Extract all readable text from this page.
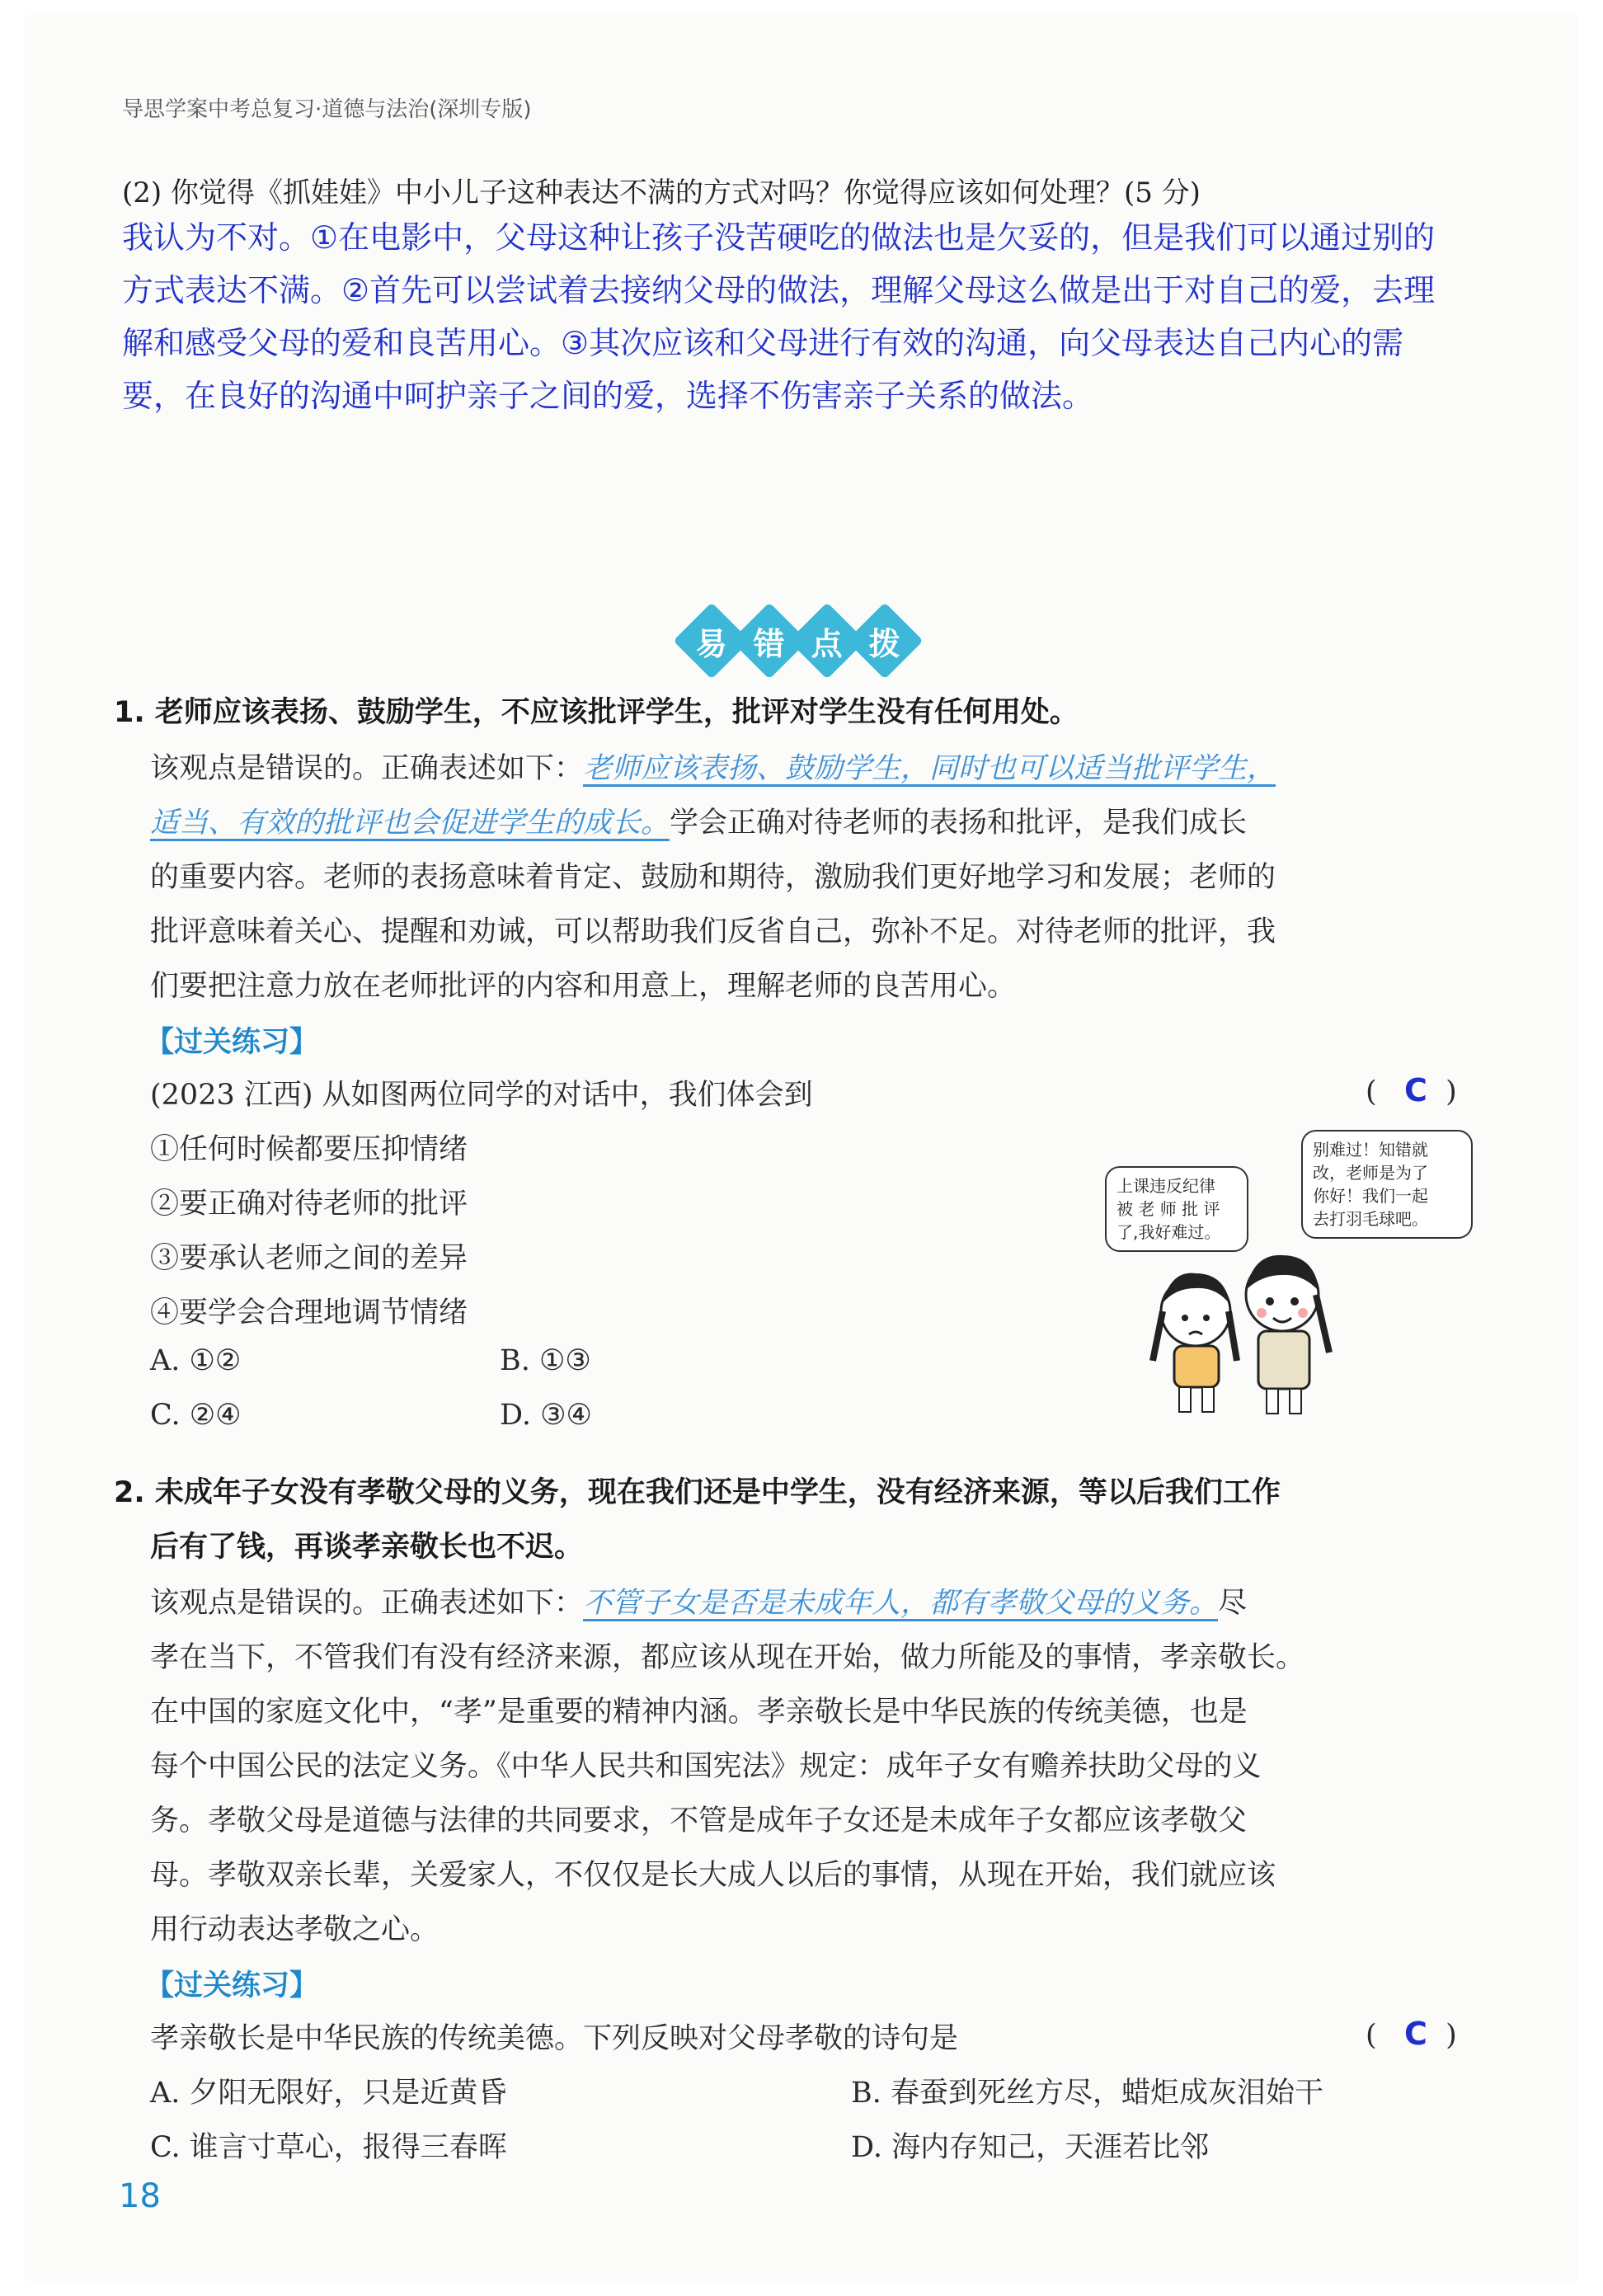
导思学案中考总复习·道德与法治(深圳专版)
(2) 你觉得《抓娃娃》中小儿子这种表达不满的方式对吗？你觉得应该如何处理？(5 分)
我认为不对。①在电影中，父母这种让孩子没苦硬吃的做法也是欠妥的，但是我们可以通过别的
方式表达不满。②首先可以尝试着去接纳父母的做法，理解父母这么做是出于对自己的爱，去理
解和感受父母的爱和良苦用心。③其次应该和父母进行有效的沟通，向父母表达自己内心的需
要，在良好的沟通中呵护亲子之间的爱，选择不伤害亲子关系的做法。
易 错 点 拨
1. 老师应该表扬、鼓励学生，不应该批评学生，批评对学生没有任何用处。
该观点是错误的。正确表述如下：老师应该表扬、鼓励学生，同时也可以适当批评学生，
适当、有效的批评也会促进学生的成长。学会正确对待老师的表扬和批评，是我们成长
的重要内容。老师的表扬意味着肯定、鼓励和期待，激励我们更好地学习和发展；老师的
批评意味着关心、提醒和劝诫，可以帮助我们反省自己，弥补不足。对待老师的批评，我
们要把注意力放在老师批评的内容和用意上，理解老师的良苦用心。
【过关练习】
(2023 江西) 从如图两位同学的对话中，我们体会到	(   C  )
①任何时候都要压抑情绪
②要正确对待老师的批评
③要承认老师之间的差异
④要学会合理地调节情绪
A. ①②	B. ①③
C. ②④	D. ③④
上课违反纪律
被 老 师 批 评
了,我好难过。
别难过！知错就
改，老师是为了
你好！我们一起
去打羽毛球吧。
2. 未成年子女没有孝敬父母的义务，现在我们还是中学生，没有经济来源，等以后我们工作
后有了钱，再谈孝亲敬长也不迟。
该观点是错误的。正确表述如下：不管子女是否是未成年人，都有孝敬父母的义务。尽
孝在当下，不管我们有没有经济来源，都应该从现在开始，做力所能及的事情，孝亲敬长。
在中国的家庭文化中，“孝”是重要的精神内涵。孝亲敬长是中华民族的传统美德，也是
每个中国公民的法定义务。《中华人民共和国宪法》规定：成年子女有赡养扶助父母的义
务。孝敬父母是道德与法律的共同要求，不管是成年子女还是未成年子女都应该孝敬父
母。孝敬双亲长辈，关爱家人，不仅仅是长大成人以后的事情，从现在开始，我们就应该
用行动表达孝敬之心。
【过关练习】
孝亲敬长是中华民族的传统美德。下列反映对父母孝敬的诗句是	(   C  )
A. 夕阳无限好，只是近黄昏	B. 春蚕到死丝方尽，蜡炬成灰泪始干
C. 谁言寸草心，报得三春晖	D. 海内存知己，天涯若比邻
18
